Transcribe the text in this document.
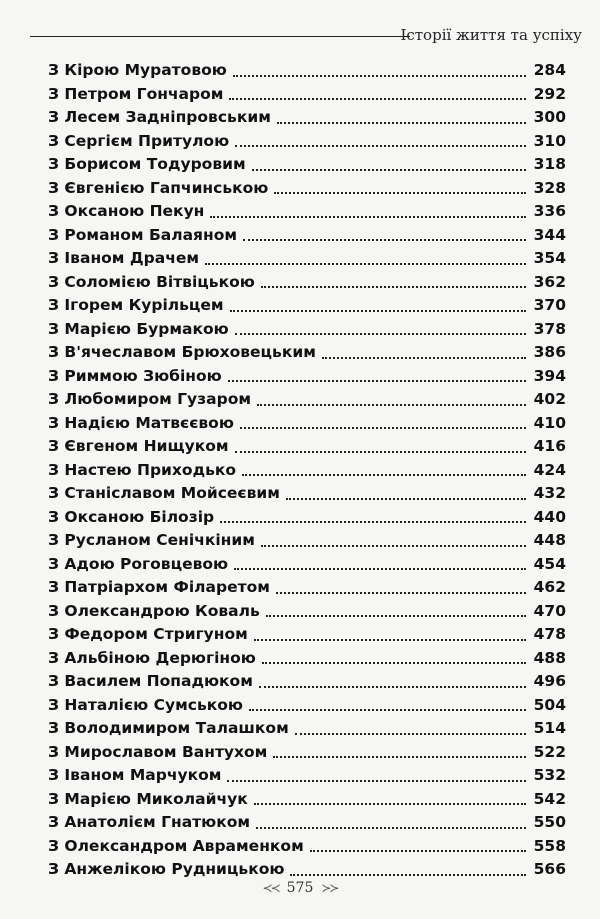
Історії життя та успіху
З Кірою Муратовою	284
З Петром Гончаром	292
З Лесем Задніпровським	300
З Сергієм Притулою	310
З Борисом Тодуровим	318
З Євгенією Гапчинською	328
З Оксаною Пекун	336
З Романом Балаяном	344
З Іваном Драчем	354
З Соломією Вітвіцькою	362
З Ігорем Курільцем	370
З Марією Бурмакою	378
З В'ячеславом Брюховецьким	386
З Риммою Зюбіною	394
З Любомиром Гузаром	402
З Надією Матвєєвою	410
З Євгеном Нищуком	416
З Настею Приходько	424
З Станіславом Мойсеєвим	432
З Оксаною Білозір	440
З Русланом Сенічкіним	448
З Адою Роговцевою	454
З Патріархом Філаретом	462
З Олександрою Коваль	470
З Федором Стригуном	478
З Альбіною Дерюгіною	488
З Василем Попадюком	496
З Наталією Сумською	504
З Володимиром Талашком	514
З Мирославом Вантухом	522
З Іваном Марчуком	532
З Марією Миколайчук	542
З Анатолієм Гнатюком	550
З Олександром Авраменком	558
З Анжелікою Рудницькою	566
≺≺ 575 ≻≻
